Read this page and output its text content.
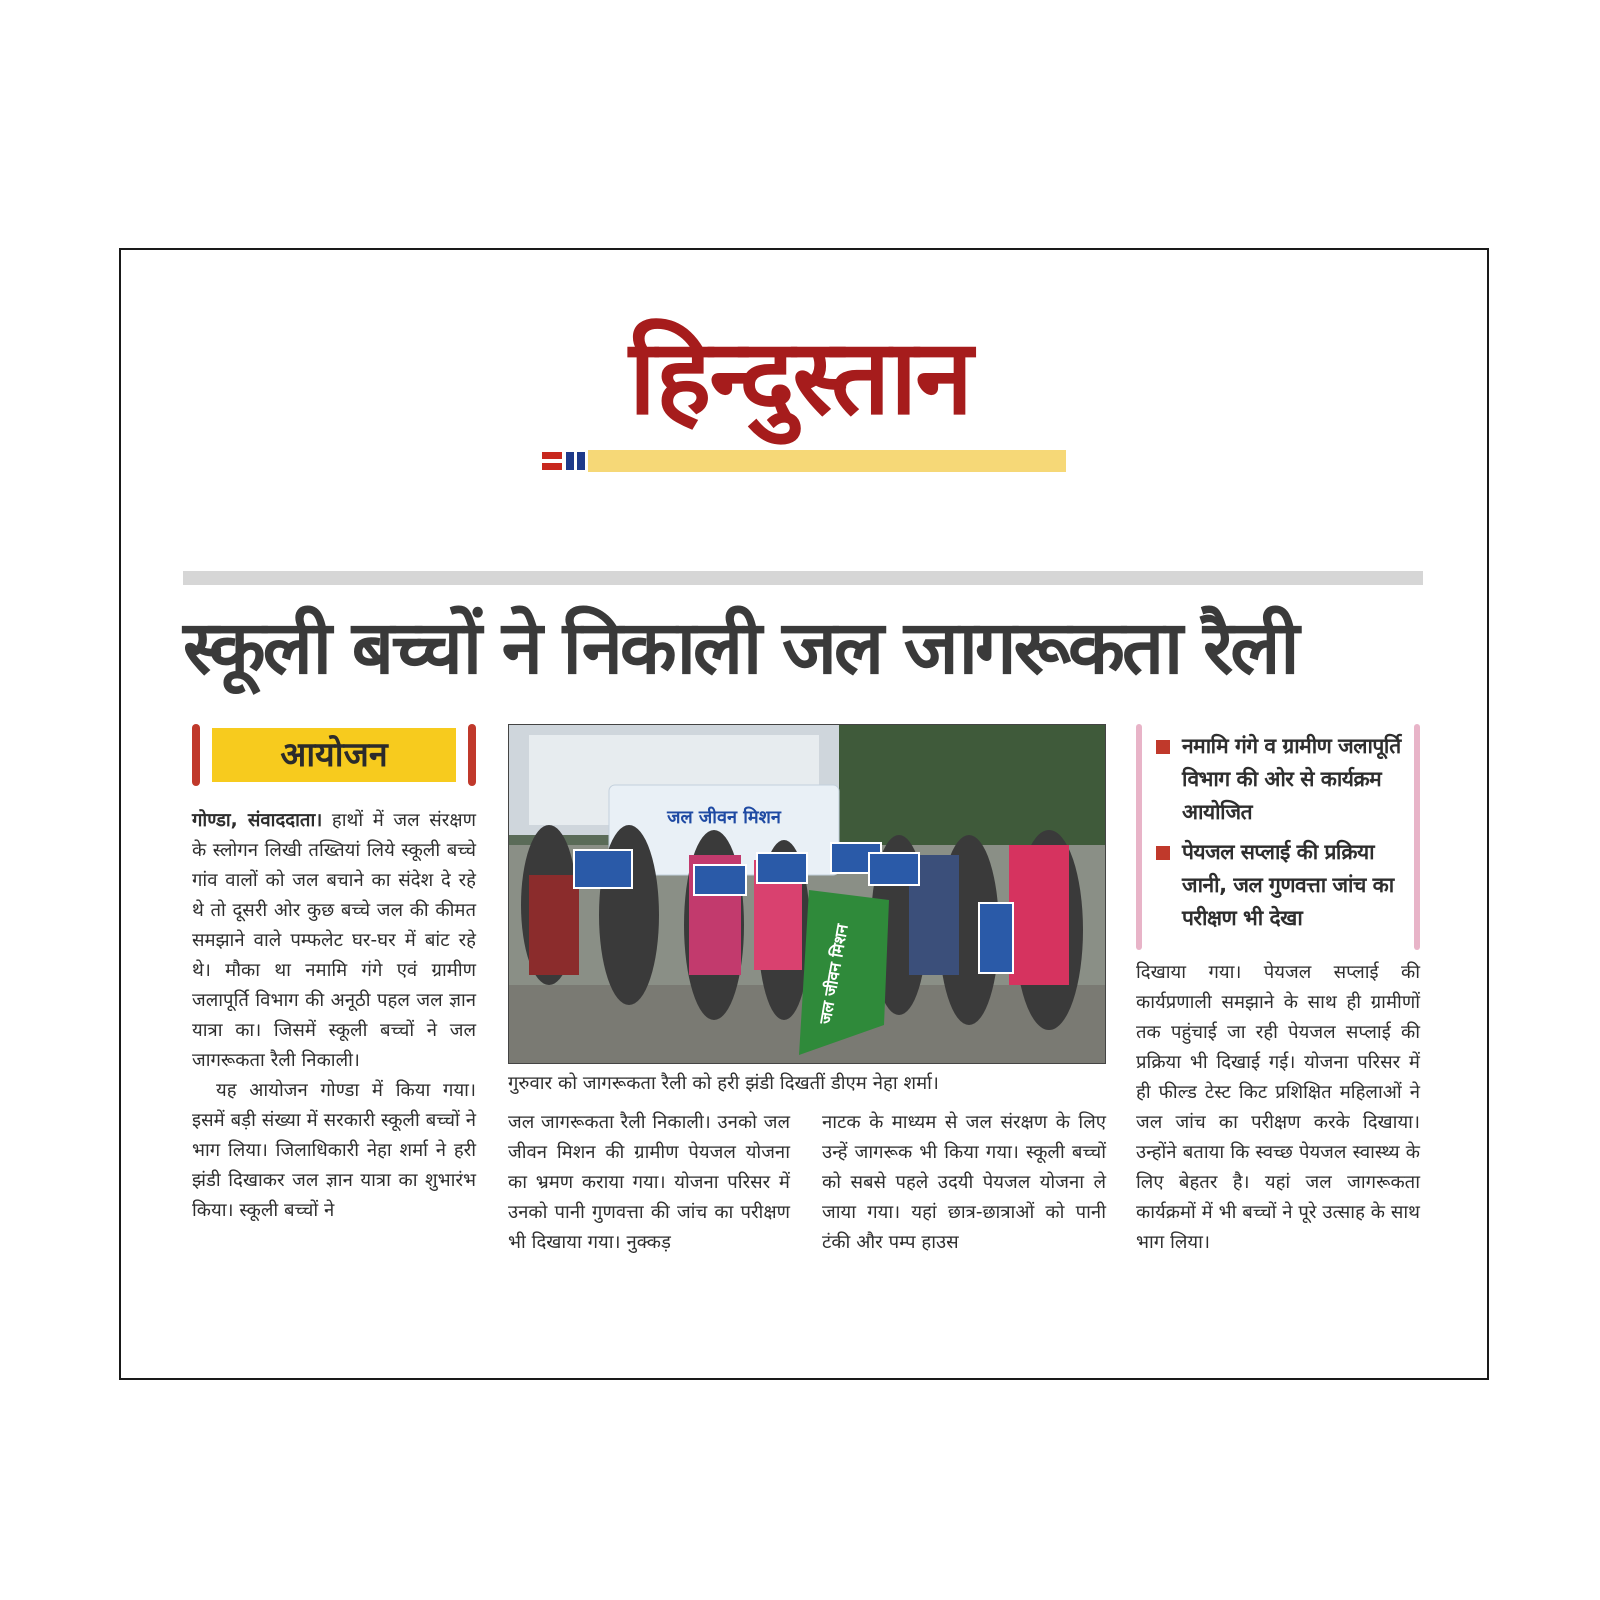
हिन्दुस्तान
स्कूली बच्चों ने निकाली जल जागरूकता रैली
आयोजन

गोण्डा, संवाददाता। हाथों में जल संरक्षण के स्लोगन लिखी तख्तियां लिये स्कूली बच्चे गांव वालों को जल बचाने का संदेश दे रहे थे तो दूसरी ओर कुछ बच्चे जल की कीमत समझाने वाले पम्फलेट घर-घर में बांट रहे थे। मौका था नमामि गंगे एवं ग्रामीण जलापूर्ति विभाग की अनूठी पहल जल ज्ञान यात्रा का। जिसमें स्कूली बच्चों ने जल जागरूकता रैली निकाली।

यह आयोजन गोण्डा में किया गया। इसमें बड़ी संख्या में सरकारी स्कूली बच्चों ने भाग लिया। जिलाधिकारी नेहा शर्मा ने हरी झंडी दिखाकर जल ज्ञान यात्रा का शुभारंभ किया। स्कूली बच्चों ने

जल जीवन मिशन
जल जीवन मिशन
गुरुवार को जागरूकता रैली को हरी झंडी दिखतीं डीएम नेहा शर्मा।

जल जागरूकता रैली निकाली। उनको जल जीवन मिशन की ग्रामीण पेयजल योजना का भ्रमण कराया गया। योजना परिसर में उनको पानी गुणवत्ता की जांच का परीक्षण भी दिखाया गया। नुक्कड़

नाटक के माध्यम से जल संरक्षण के लिए उन्हें जागरूक भी किया गया। स्कूली बच्चों को सबसे पहले उदयी पेयजल योजना ले जाया गया। यहां छात्र-छात्राओं को पानी टंकी और पम्प हाउस

नमामि गंगे व ग्रामीण जलापूर्ति विभाग की ओर से कार्यक्रम आयोजित
पेयजल सप्लाई की प्रक्रिया जानी, जल गुणवत्ता जांच का परीक्षण भी देखा

दिखाया गया। पेयजल सप्लाई की कार्यप्रणाली समझाने के साथ ही ग्रामीणों तक पहुंचाई जा रही पेयजल सप्लाई की प्रक्रिया भी दिखाई गई। योजना परिसर में ही फील्ड टेस्ट किट प्रशिक्षित महिलाओं ने जल जांच का परीक्षण करके दिखाया। उन्होंने बताया कि स्वच्छ पेयजल स्वास्थ्य के लिए बेहतर है। यहां जल जागरूकता कार्यक्रमों में भी बच्चों ने पूरे उत्साह के साथ भाग लिया।
